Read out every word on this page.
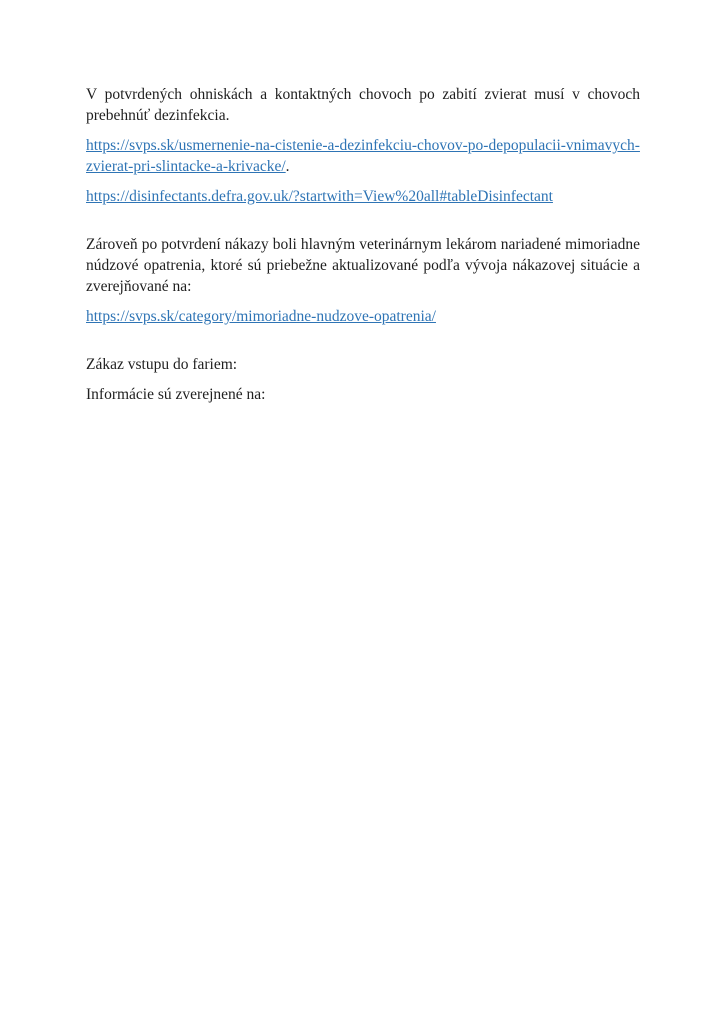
V potvrdených ohniskách a kontaktných chovoch po zabití zvierat musí v chovoch prebehnúť dezinfekcia.

https://svps.sk/usmernenie-na-cistenie-a-dezinfekciu-chovov-po-depopulacii-vnimavych-zvierat-pri-slintacke-a-krivacke/.

https://disinfectants.defra.gov.uk/?startwith=View%20all#tableDisinfectant

Zároveň po potvrdení nákazy boli hlavným veterinárnym lekárom nariadené mimoriadne núdzové opatrenia, ktoré sú priebežne aktualizované podľa vývoja nákazovej situácie a zverejňované na:

https://svps.sk/category/mimoriadne-nudzove-opatrenia/

Zákaz vstupu do fariem:

Informácie sú zverejnené na:
